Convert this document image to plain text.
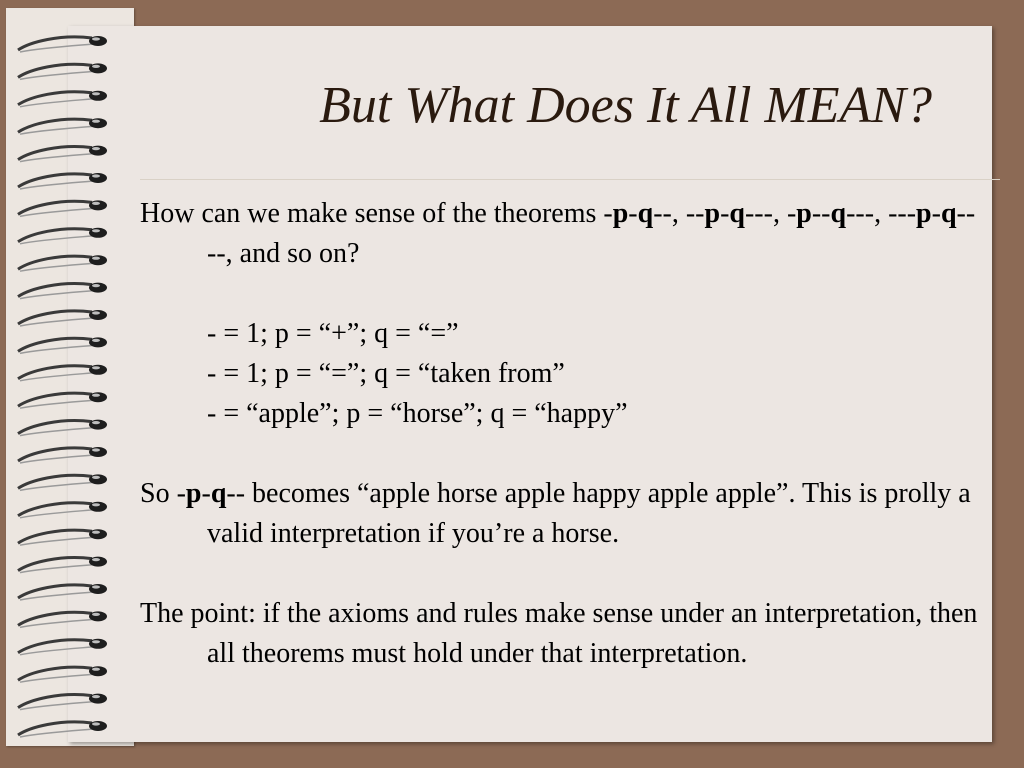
But What Does It All MEAN?

How can we make sense of the theorems -p-q--, --p-q---, -p--q---, ---p-q----, and so on?

- = 1; p = “+”; q = “=”

- = 1; p = “=”; q = “taken from”

- = “apple”; p = “horse”; q = “happy”

So -p-q-- becomes “apple horse apple happy apple apple”. This is prolly a valid interpretation if you’re a horse.

The point: if the axioms and rules make sense under an interpretation, then all theorems must hold under that interpretation.
